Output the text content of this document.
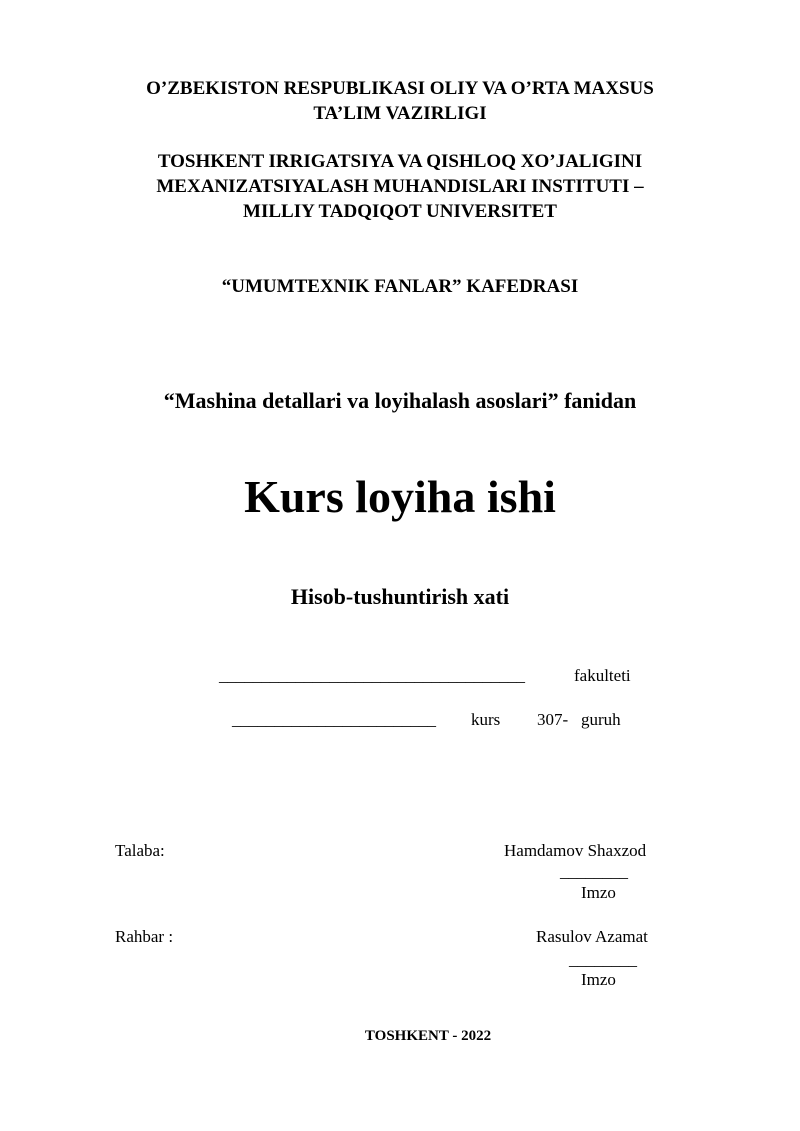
O’ZBEKISTON RESPUBLIKASI OLIY VA O’RTA MAXSUS
TA’LIM VAZIRLIGI
TOSHKENT IRRIGATSIYA VA QISHLOQ XO’JALIGINI
MEXANIZATSIYALASH MUHANDISLARI INSTITUTI –
MILLIY TADQIQOT UNIVERSITET
“UMUMTEXNIK FANLAR” KAFEDRASI
“Mashina detallari va loyihalash asoslari” fanidan
Kurs loyiha ishi
Hisob-tushuntirish xati
____________________________________	fakulteti
________________________ kurs 307- guruh
Talaba:	Hamdamov Shaxzod
________
Imzo
Rahbar :	Rasulov Azamat
________
Imzo
TOSHKENT - 2022
